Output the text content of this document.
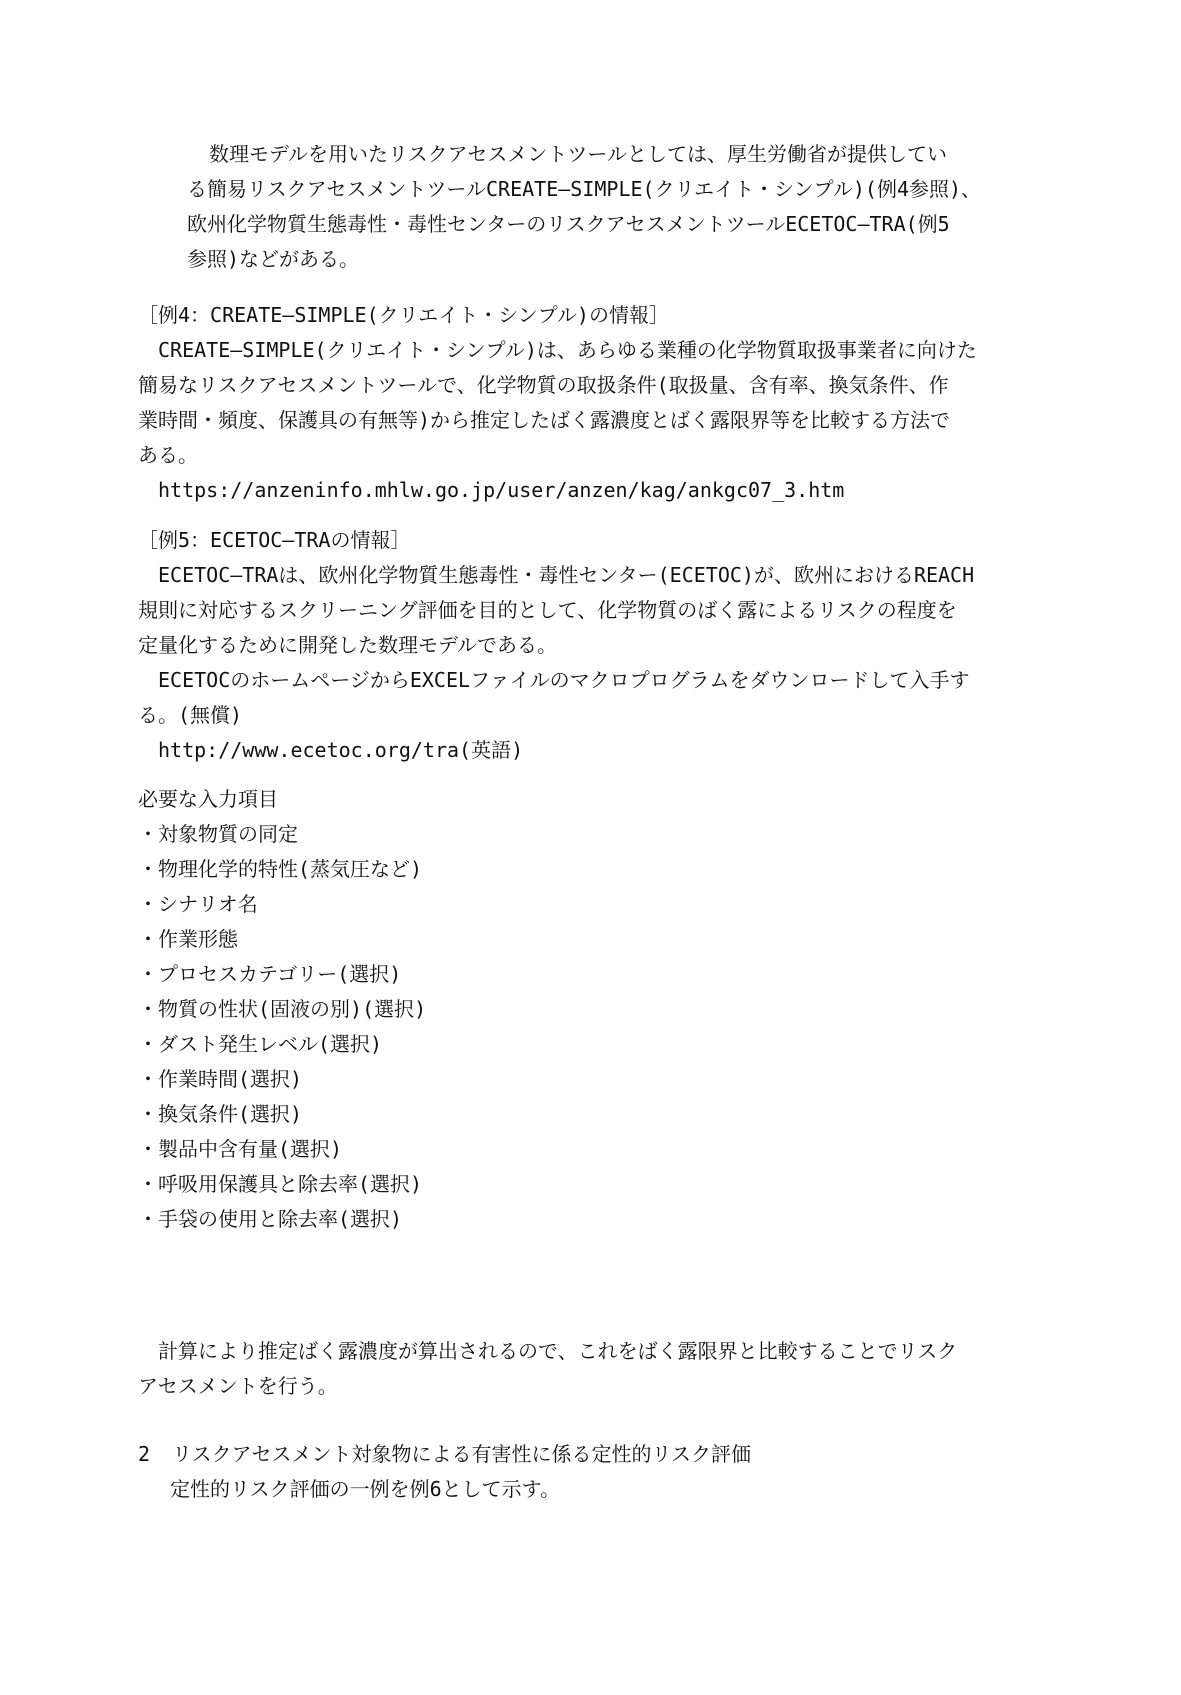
数理モデルを用いたリスクアセスメントツールとしては、厚生労働省が提供してい

る簡易リスクアセスメントツールCREATE―SIMPLE(クリエイト・シンプル)(例4参照)、

欧州化学物質生態毒性・毒性センターのリスクアセスメントツールECETOC―TRA(例5

参照)などがある。

［例4：CREATE―SIMPLE(クリエイト・シンプル)の情報］

CREATE―SIMPLE(クリエイト・シンプル)は、あらゆる業種の化学物質取扱事業者に向けた

簡易なリスクアセスメントツールで、化学物質の取扱条件(取扱量、含有率、換気条件、作

業時間・頻度、保護具の有無等)から推定したばく露濃度とばく露限界等を比較する方法で

ある。

https://anzeninfo.mhlw.go.jp/user/anzen/kag/ankgc07_3.htm

［例5：ECETOC―TRAの情報］

ECETOC―TRAは、欧州化学物質生態毒性・毒性センター(ECETOC)が、欧州におけるREACH

規則に対応するスクリーニング評価を目的として、化学物質のばく露によるリスクの程度を

定量化するために開発した数理モデルである。

ECETOCのホームページからEXCELファイルのマクロプログラムをダウンロードして入手す

る。(無償)

http://www.ecetoc.org/tra(英語)

必要な入力項目

・対象物質の同定
・物理化学的特性(蒸気圧など)
・シナリオ名
・作業形態
・プロセスカテゴリー(選択)
・物質の性状(固液の別)(選択)
・ダスト発生レベル(選択)
・作業時間(選択)
・換気条件(選択)
・製品中含有量(選択)
・呼吸用保護具と除去率(選択)
・手袋の使用と除去率(選択)

計算により推定ばく露濃度が算出されるので、これをばく露限界と比較することでリスク

アセスメントを行う。

2 リスクアセスメント対象物による有害性に係る定性的リスク評価

定性的リスク評価の一例を例6として示す。
